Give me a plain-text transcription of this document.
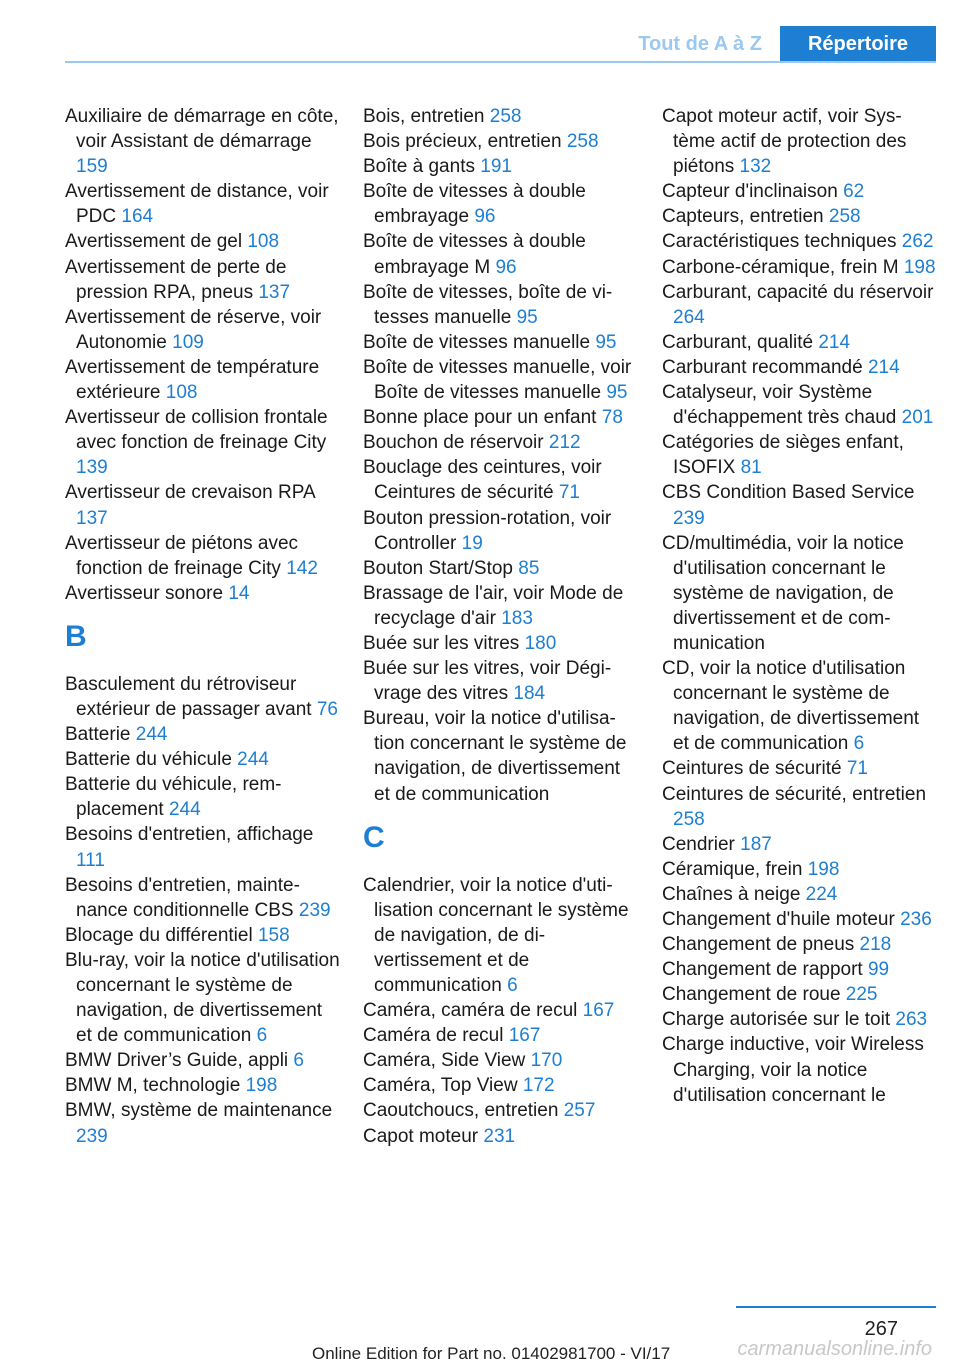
Tout de A à Z	Répertoire
Auxiliaire de démarrage en côte, voir Assistant de démarrage 159
Avertissement de distance, voir PDC 164
Avertissement de gel 108
Avertissement de perte de pression RPA, pneus 137
Avertissement de réserve, voir Autonomie 109
Avertissement de température extérieure 108
Avertisseur de collision frontale avec fonction de freinage City 139
Avertisseur de crevaison RPA 137
Avertisseur de piétons avec fonction de freinage City 142
Avertisseur sonore 14
B
Basculement du rétroviseur extérieur de passager avant 76
Batterie 244
Batterie du véhicule 244
Batterie du véhicule, remplacement 244
Besoins d'entretien, affichage 111
Besoins d'entretien, maintenance conditionnelle CBS 239
Blocage du différentiel 158
Blu-ray, voir la notice d'utilisation concernant le système de navigation, de divertissement et de communication 6
BMW Driver’s Guide, appli 6
BMW M, technologie 198
BMW, système de maintenance 239
Bois, entretien 258
Bois précieux, entretien 258
Boîte à gants 191
Boîte de vitesses à double embrayage 96
Boîte de vitesses à double embrayage M 96
Boîte de vitesses, boîte de vitesses manuelle 95
Boîte de vitesses manuelle 95
Boîte de vitesses manuelle, voir Boîte de vitesses manuelle 95
Bonne place pour un enfant 78
Bouchon de réservoir 212
Bouclage des ceintures, voir Ceintures de sécurité 71
Bouton pression-rotation, voir Controller 19
Bouton Start/Stop 85
Brassage de l'air, voir Mode de recyclage d'air 183
Buée sur les vitres 180
Buée sur les vitres, voir Dégivrage des vitres 184
Bureau, voir la notice d'utilisation concernant le système de navigation, de divertissement et de communication
C
Calendrier, voir la notice d'utilisation concernant le système de navigation, de divertissement et de communication 6
Caméra, caméra de recul 167
Caméra de recul 167
Caméra, Side View 170
Caméra, Top View 172
Caoutchoucs, entretien 257
Capot moteur 231
Capot moteur actif, voir Système actif de protection des piétons 132
Capteur d'inclinaison 62
Capteurs, entretien 258
Caractéristiques techniques 262
Carbone-céramique, frein M 198
Carburant, capacité du réservoir 264
Carburant, qualité 214
Carburant recommandé 214
Catalyseur, voir Système d'échappement très chaud 201
Catégories de sièges enfant, ISOFIX 81
CBS Condition Based Service 239
CD/multimédia, voir la notice d'utilisation concernant le système de navigation, de divertissement et de communication
CD, voir la notice d'utilisation concernant le système de navigation, de divertissement et de communication 6
Ceintures de sécurité 71
Ceintures de sécurité, entretien 258
Cendrier 187
Céramique, frein 198
Chaînes à neige 224
Changement d'huile moteur 236
Changement de pneus 218
Changement de rapport 99
Changement de roue 225
Charge autorisée sur le toit 263
Charge inductive, voir Wireless Charging, voir la notice d'utilisation concernant le
267
Online Edition for Part no. 01402981700 - VI/17	carmanualsonline.info
